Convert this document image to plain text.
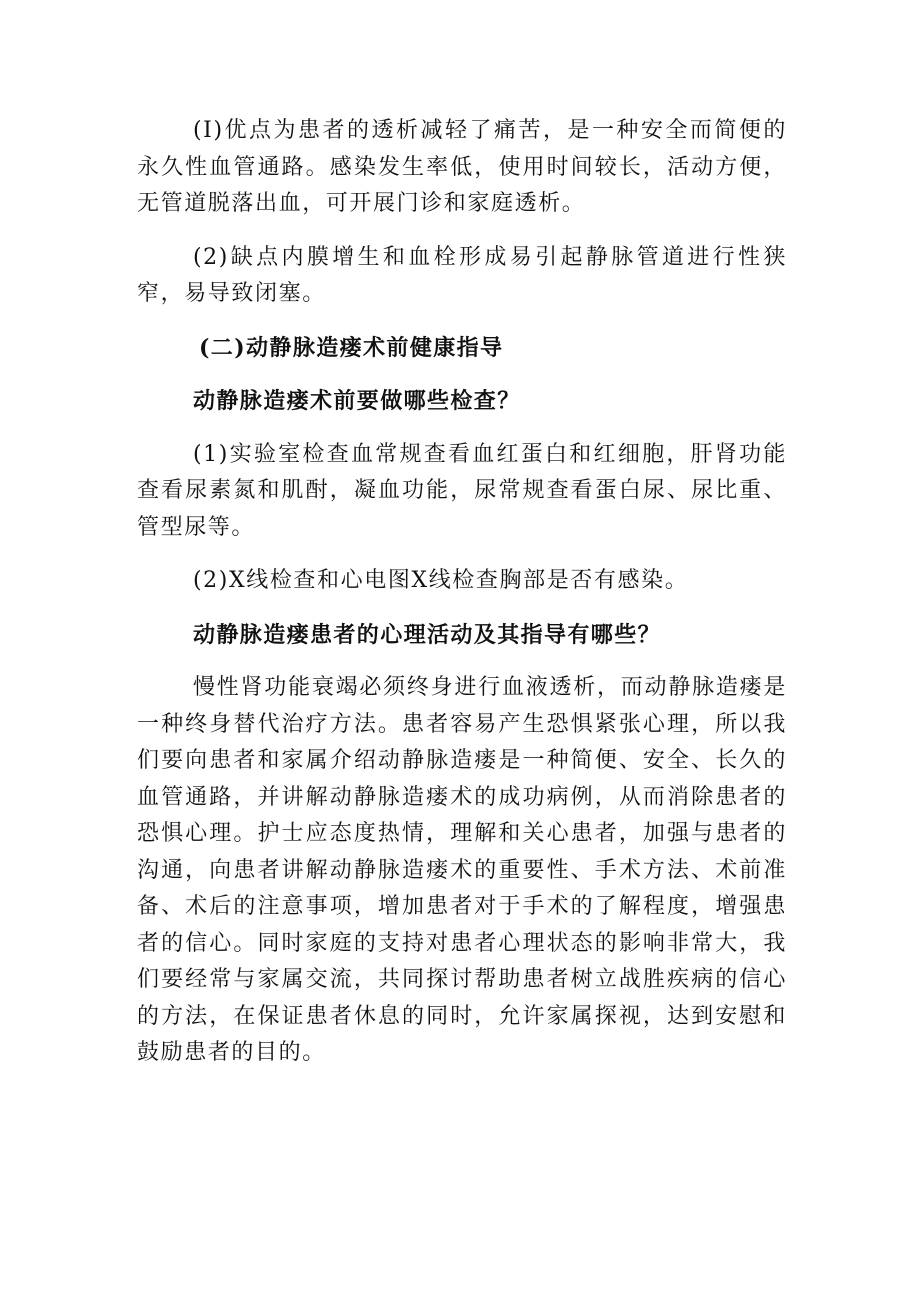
(I)优点为患者的透析减轻了痛苦，是一种安全而简便的永久性血管通路。感染发生率低，使用时间较长，活动方便，无管道脱落出血，可开展门诊和家庭透析。

(2)缺点内膜增生和血栓形成易引起静脉管道进行性狭窄，易导致闭塞。

(二)动静脉造瘘术前健康指导

动静脉造瘘术前要做哪些检查？

(1)实验室检查血常规查看血红蛋白和红细胞，肝肾功能查看尿素氮和肌酎，凝血功能，尿常规查看蛋白尿、尿比重、管型尿等。

(2)X线检查和心电图X线检查胸部是否有感染。

动静脉造瘘患者的心理活动及其指导有哪些？

慢性肾功能衰竭必须终身进行血液透析，而动静脉造瘘是一种终身替代治疗方法。患者容易产生恐惧紧张心理，所以我们要向患者和家属介绍动静脉造瘘是一种简便、安全、长久的血管通路，并讲解动静脉造瘘术的成功病例，从而消除患者的恐惧心理。护士应态度热情，理解和关心患者，加强与患者的沟通，向患者讲解动静脉造瘘术的重要性、手术方法、术前准备、术后的注意事项，增加患者对于手术的了解程度，增强患者的信心。同时家庭的支持对患者心理状态的影响非常大，我们要经常与家属交流，共同探讨帮助患者树立战胜疾病的信心的方法，在保证患者休息的同时，允许家属探视，达到安慰和鼓励患者的目的。
